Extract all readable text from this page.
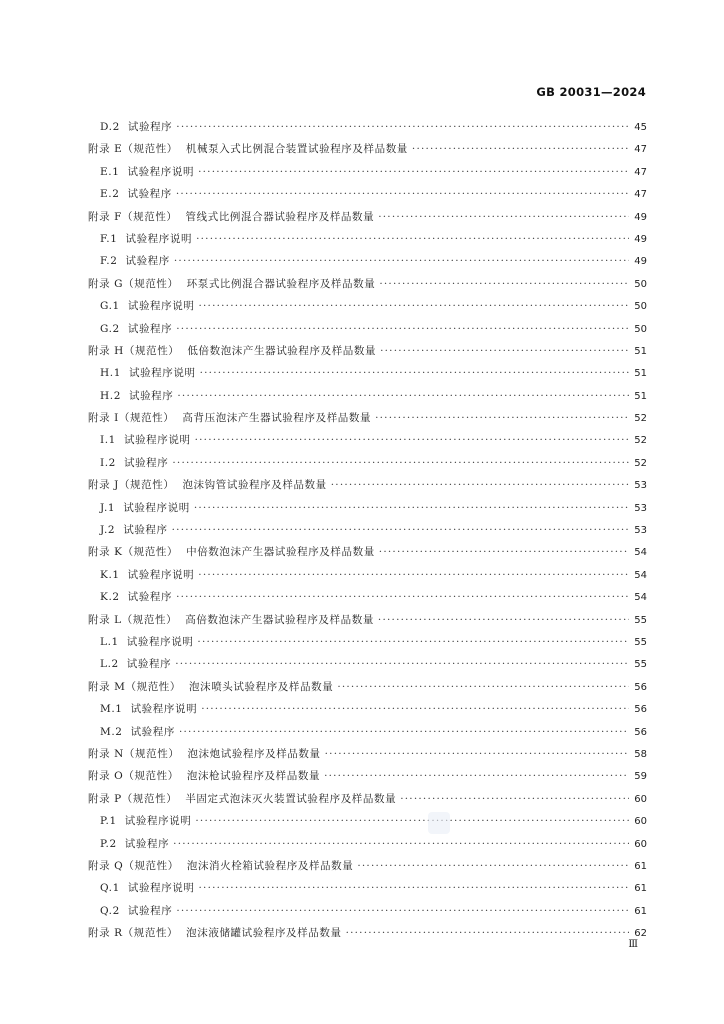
GB 20031—2024
D.2 试验程序 ·····	45
附录 E（规范性） 机械泵入式比例混合装置试验程序及样品数量 ·····	47
E.1 试验程序说明 ·····	47
E.2 试验程序 ·····	47
附录 F（规范性） 管线式比例混合器试验程序及样品数量 ·····	49
F.1 试验程序说明 ·····	49
F.2 试验程序 ·····	49
附录 G（规范性） 环泵式比例混合器试验程序及样品数量 ·····	50
G.1 试验程序说明 ·····	50
G.2 试验程序 ·····	50
附录 H（规范性） 低倍数泡沫产生器试验程序及样品数量 ·····	51
H.1 试验程序说明 ·····	51
H.2 试验程序 ·····	51
附录 I（规范性） 高背压泡沫产生器试验程序及样品数量 ·····	52
I.1 试验程序说明 ·····	52
I.2 试验程序 ·····	52
附录 J（规范性） 泡沫钩管试验程序及样品数量 ·····	53
J.1 试验程序说明 ·····	53
J.2 试验程序 ·····	53
附录 K（规范性） 中倍数泡沫产生器试验程序及样品数量 ·····	54
K.1 试验程序说明 ·····	54
K.2 试验程序 ·····	54
附录 L（规范性） 高倍数泡沫产生器试验程序及样品数量 ·····	55
L.1 试验程序说明 ·····	55
L.2 试验程序 ·····	55
附录 M（规范性） 泡沫喷头试验程序及样品数量 ·····	56
M.1 试验程序说明 ·····	56
M.2 试验程序 ·····	56
附录 N（规范性） 泡沫炮试验程序及样品数量 ·····	58
附录 O（规范性） 泡沫枪试验程序及样品数量 ·····	59
附录 P（规范性） 半固定式泡沫灭火装置试验程序及样品数量 ·····	60
P.1 试验程序说明 ·····	60
P.2 试验程序 ·····	60
附录 Q（规范性） 泡沫消火栓箱试验程序及样品数量 ·····	61
Q.1 试验程序说明 ·····	61
Q.2 试验程序 ·····	61
附录 R（规范性） 泡沫液储罐试验程序及样品数量 ·····	62
Ⅲ
